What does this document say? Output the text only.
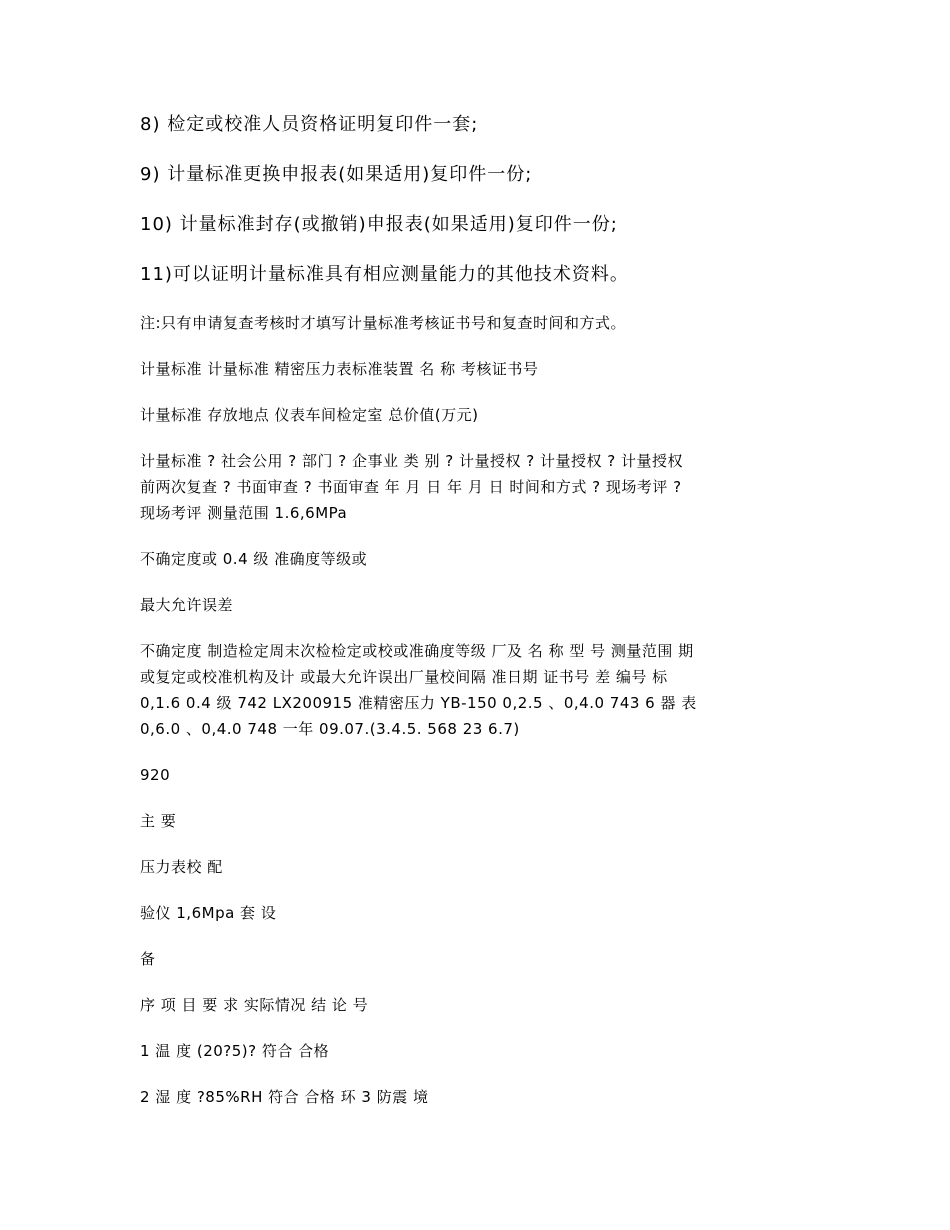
8) 检定或校准人员资格证明复印件一套;

9) 计量标准更换申报表(如果适用)复印件一份;

10) 计量标准封存(或撤销)申报表(如果适用)复印件一份;

11)可以证明计量标准具有相应测量能力的其他技术资料。

注:只有申请复查考核时才填写计量标准考核证书号和复查时间和方式。

计量标准 计量标准 精密压力表标准装置 名 称 考核证书号

计量标准 存放地点 仪表车间检定室 总价值(万元)

计量标准 ? 社会公用 ? 部门 ? 企事业 类 别 ? 计量授权 ? 计量授权 ? 计量授权
前两次复查 ? 书面审查 ? 书面审查 年 月 日 年 月 日 时间和方式 ? 现场考评 ?
现场考评 测量范围 1.6,6MPa

不确定度或 0.4 级 准确度等级或

最大允许误差

不确定度 制造检定周末次检检定或校或准确度等级 厂及 名 称 型 号 测量范围 期
或复定或校准机构及计 或最大允许误出厂量校间隔 准日期 证书号 差 编号 标
0,1.6 0.4 级 742 LX200915 准精密压力 YB-150 0,2.5 、0,4.0 743 6 器 表
0,6.0 、0,4.0 748 一年 09.07.(3.4.5. 568 23 6.7)

920

主 要

压力表校 配

验仪 1,6Mpa 套 设

备

序 项 目 要 求 实际情况 结 论 号

1 温 度 (20?5)? 符合 合格

2 湿 度 ?85%RH 符合 合格 环 3 防震 境
